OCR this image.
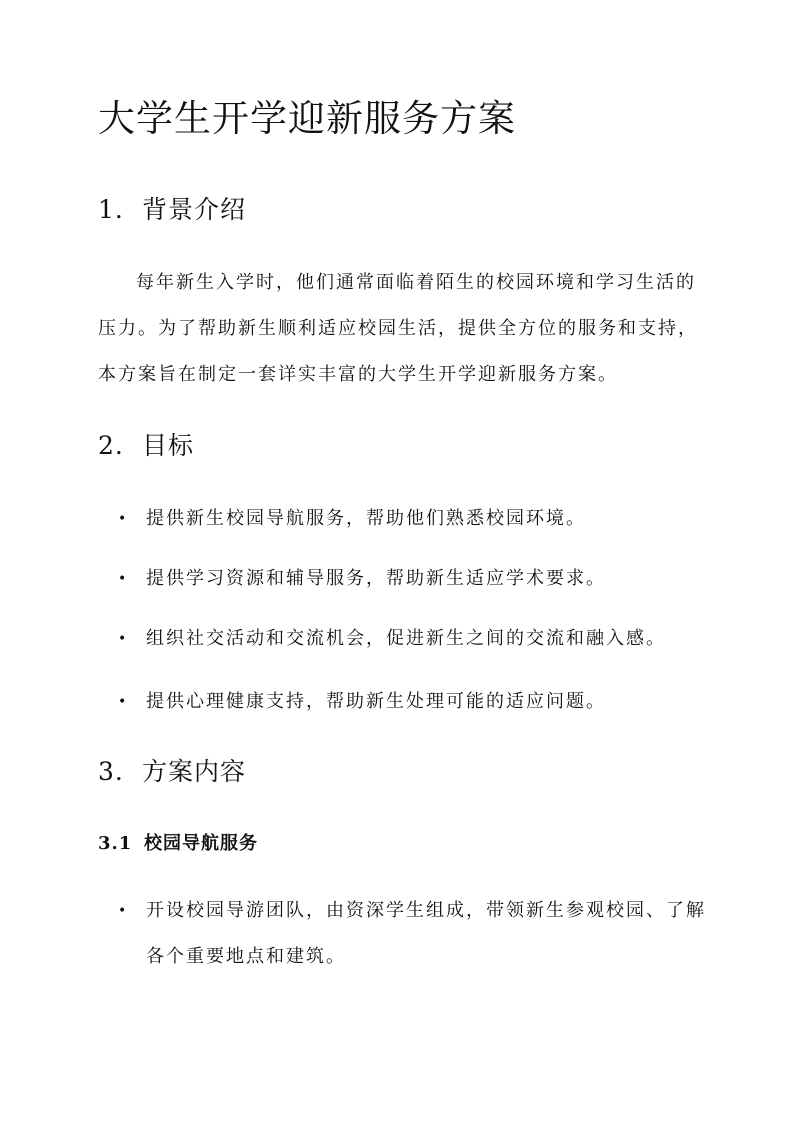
大学生开学迎新服务方案
1. 背景介绍

每年新生入学时，他们通常面临着陌生的校园环境和学习生活的压力。为了帮助新生顺利适应校园生活，提供全方位的服务和支持，本方案旨在制定一套详实丰富的大学生开学迎新服务方案。

2. 目标
• 提供新生校园导航服务，帮助他们熟悉校园环境。
• 提供学习资源和辅导服务，帮助新生适应学术要求。
• 组织社交活动和交流机会，促进新生之间的交流和融入感。
• 提供心理健康支持，帮助新生处理可能的适应问题。
3. 方案内容
3.1 校园导航服务
• 开设校园导游团队，由资深学生组成，带领新生参观校园、了解各个重要地点和建筑。
